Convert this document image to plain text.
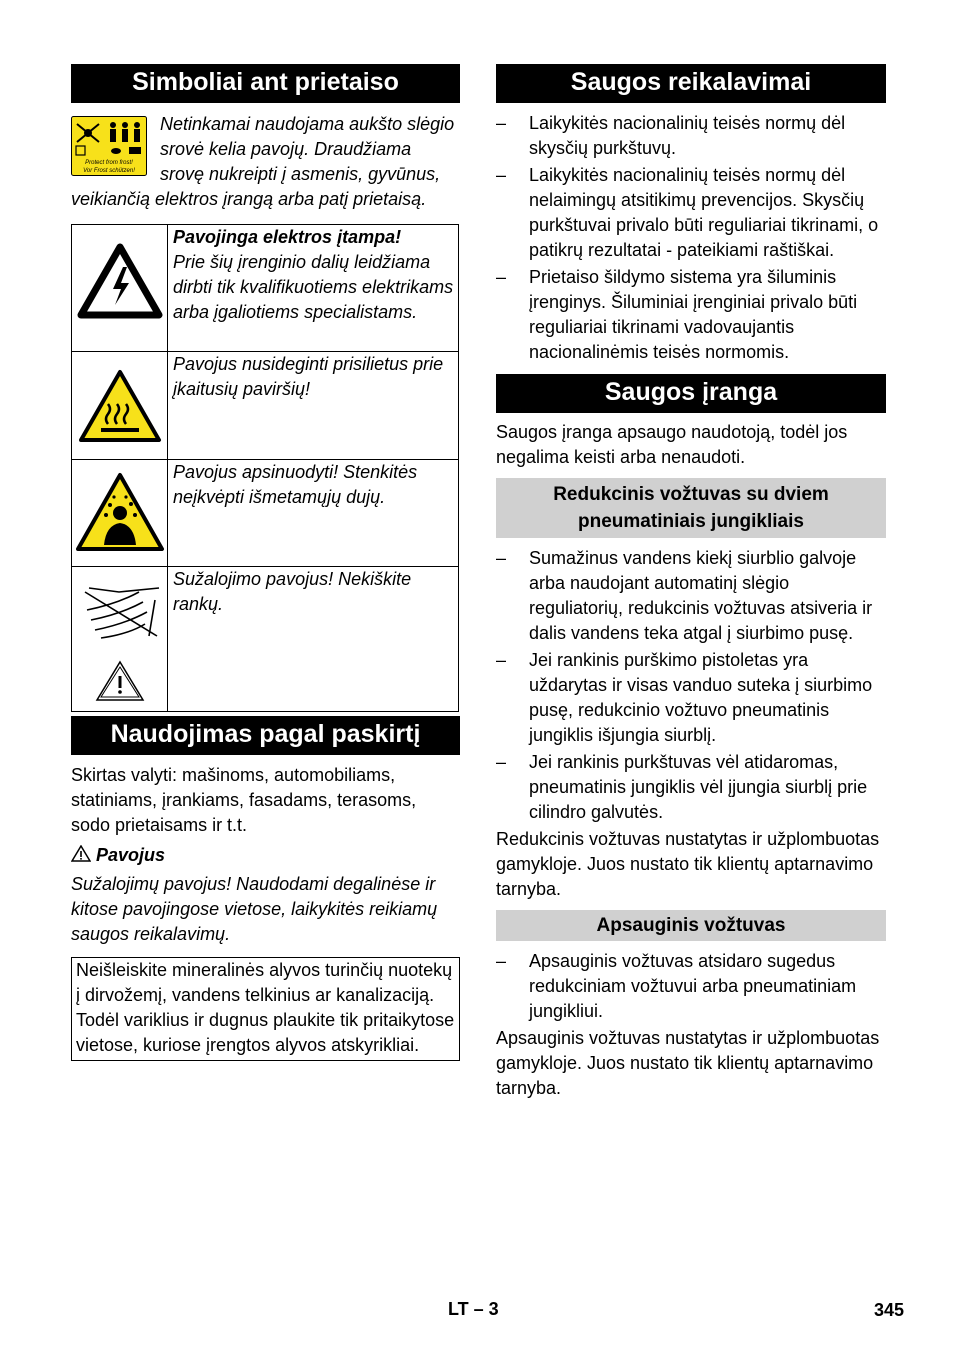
Simboliai ant prietaiso
Protect from frost!
Vor Frost schützen!
Netinkamai naudojama aukšto slėgio srovė kelia pavojų. Draudžiama srovę nukreipti į asmenis, gyvūnus, veikiančią elektros įrangą arba patį prietaisą.

Pavojinga elektros įtampa!
Prie šių įrenginio dalių leidžiama dirbti tik kvalifikuotiems elektrikams arba įgaliotiems specialistams.

Pavojus nusideginti prisilietus prie įkaitusių paviršių!

Pavojus apsinuodyti! Stenkitės neįkvėpti išmetamųjų dujų.

Sužalojimo pavojus! Nekiškite rankų.
Naudojimas pagal paskirtį
Skirtas valyti: mašinoms, automobiliams, statiniams, įrankiams, fasadams, terasoms, sodo prietaisams ir t.t.
Pavojus
Sužalojimų pavojus! Naudodami degalinėse ir kitose pavojingose vietose, laikykitės reikiamų saugos reikalavimų.
Neišleiskite mineralinės alyvos turinčių nuotekų į dirvožemį, vandens telkinius ar kanalizaciją. Todėl variklius ir dugnus plaukite tik pritaikytose vietose, kuriose įrengtos alyvos atskyrikliai.
Saugos reikalavimai
–	Laikykitės nacionalinių teisės normų dėl skysčių purkštuvų.
–	Laikykitės nacionalinių teisės normų dėl nelaimingų atsitikimų prevencijos. Skysčių purkštuvai privalo būti reguliariai tikrinami, o patikrų rezultatai - pateikiami raštiškai.
–	Prietaiso šildymo sistema yra šiluminis įrenginys. Šiluminiai įrenginiai privalo būti reguliariai tikrinami vadovaujantis nacionalinėmis teisės normomis.
Saugos įranga
Saugos įranga apsaugo naudotoją, todėl jos negalima keisti arba nenaudoti.
Redukcinis vožtuvas su dviem pneumatiniais jungikliais
–	Sumažinus vandens kiekį siurblio galvoje arba naudojant automatinį slėgio reguliatorių, redukcinis vožtuvas atsiveria ir dalis vandens teka atgal į siurbimo pusę.
–	Jei rankinis purškimo pistoletas yra uždarytas ir visas vanduo suteka į siurbimo pusę, redukcinio vožtuvo pneumatinis jungiklis išjungia siurblį.
–	Jei rankinis purkštuvas vėl atidaromas, pneumatinis jungiklis vėl įjungia siurblį prie cilindro galvutės.
Redukcinis vožtuvas nustatytas ir užplombuotas gamykloje. Juos nustato tik klientų aptarnavimo tarnyba.
Apsauginis vožtuvas
–	Apsauginis vožtuvas atsidaro sugedus redukciniam vožtuvui arba pneumatiniam jungikliui.
Apsauginis vožtuvas nustatytas ir užplombuotas gamykloje. Juos nustato tik klientų aptarnavimo tarnyba.
LT – 3	345
